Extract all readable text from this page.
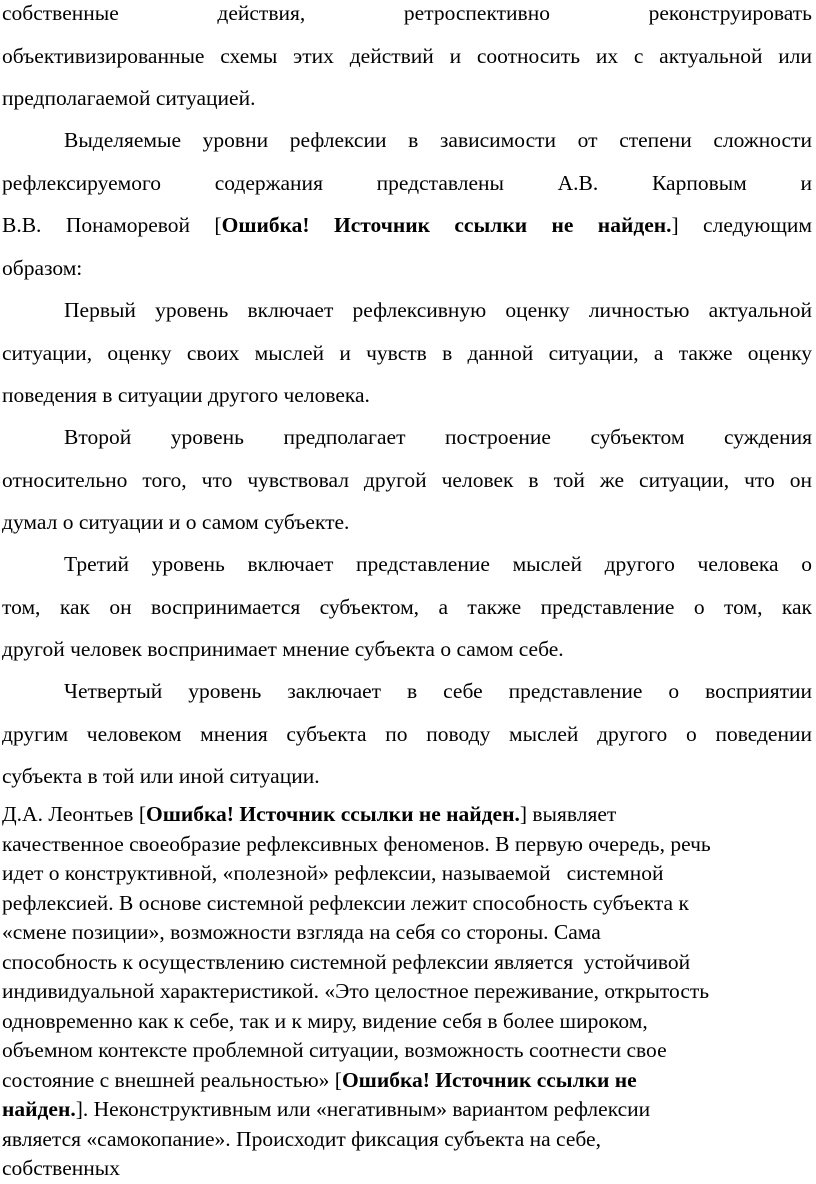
собственные действия, ретроспективно реконструировать
объективизированные схемы этих действий и соотносить их с актуальной или
предполагаемой ситуацией.
Выделяемые уровни рефлексии в зависимости от степени сложности
рефлексируемого содержания представлены А.В. Карповым и
В.В. Понаморевой [Ошибка! Источник ссылки не найден.] следующим
образом:
Первый уровень включает рефлексивную оценку личностью актуальной
ситуации, оценку своих мыслей и чувств в данной ситуации, а также оценку
поведения в ситуации другого человека.
Второй уровень предполагает построение субъектом суждения
относительно того, что чувствовал другой человек в той же ситуации, что он
думал о ситуации и о самом субъекте.
Третий уровень включает представление мыслей другого человека о
том, как он воспринимается субъектом, а также представление о том, как
другой человек воспринимает мнение субъекта о самом себе.
Четвертый уровень заключает в себе представление о восприятии
другим человеком мнения субъекта по поводу мыслей другого о поведении
субъекта в той или иной ситуации.
Д.А. Леонтьев [Ошибка! Источник ссылки не найден.] выявляет
качественное своеобразие рефлексивных феноменов. В первую очередь, речь
идет о конструктивной, «полезной» рефлексии, называемой   системной
рефлексией. В основе системной рефлексии лежит способность субъекта к
«смене позиции», возможности взгляда на себя со стороны. Сама
способность к осуществлению системной рефлексии является  устойчивой
индивидуальной характеристикой. «Это целостное переживание, открытость
одновременно как к себе, так и к миру, видение себя в более широком,
объемном контексте проблемной ситуации, возможность соотнести свое
состояние с внешней реальностью» [Ошибка! Источник ссылки не
найден.]. Неконструктивным или «негативным» вариантом рефлексии
является «самокопание». Происходит фиксация субъекта на себе,
собственных
